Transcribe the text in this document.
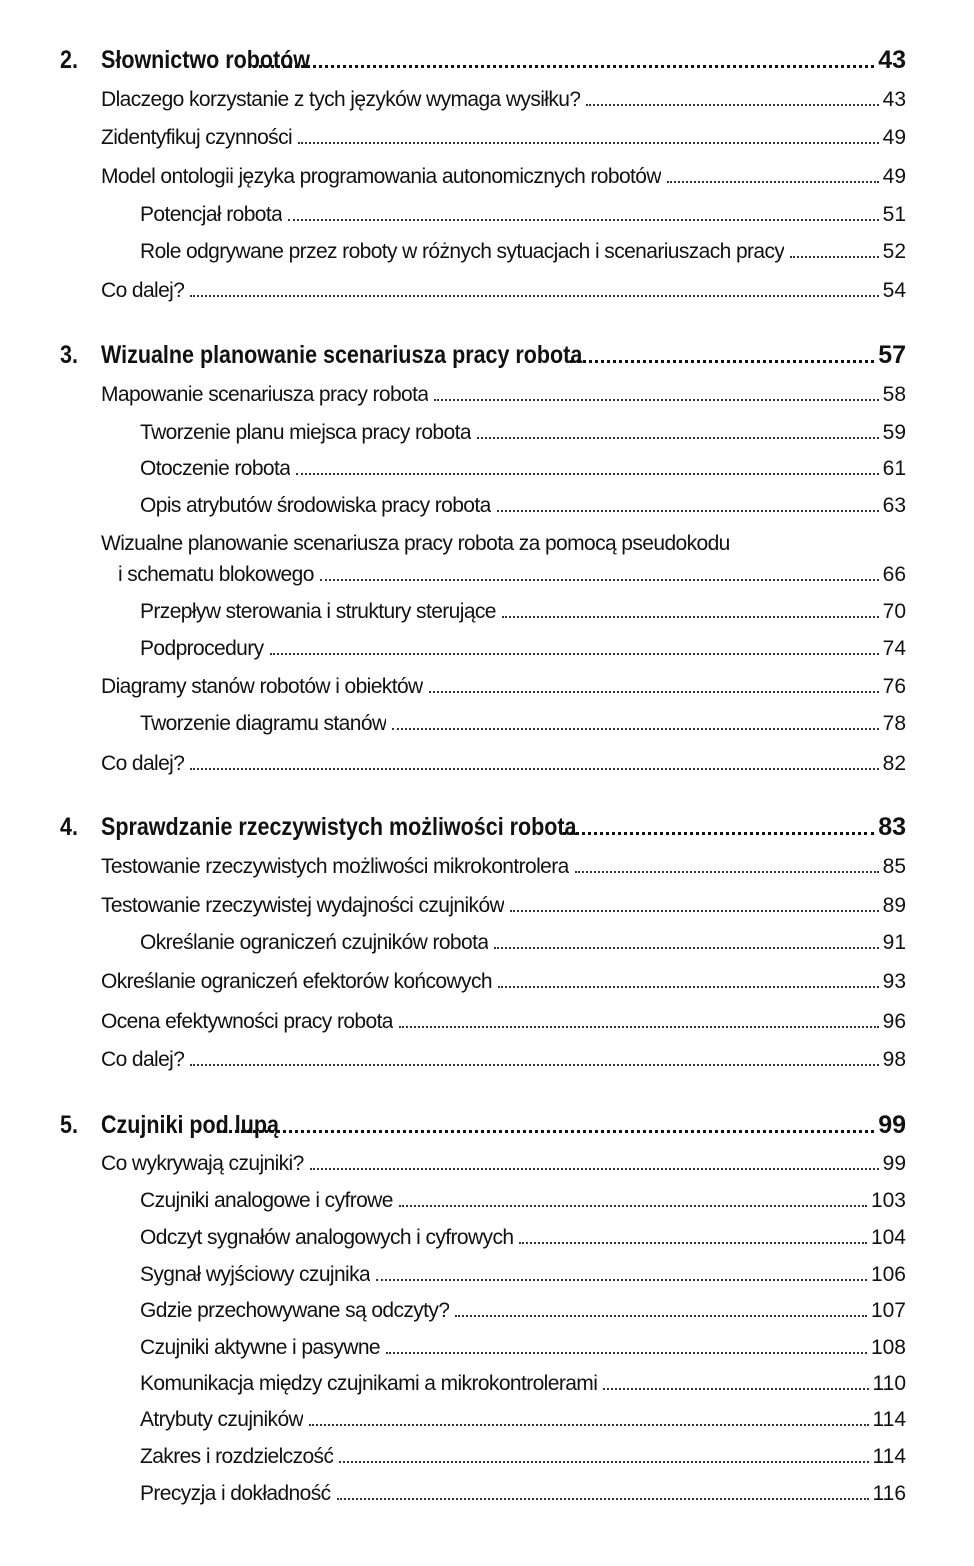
2. Słownictwo robotów	43
Dlaczego korzystanie z tych języków wymaga wysiłku?	43
Zidentyfikuj czynności	49
Model ontologii języka programowania autonomicznych robotów	49
Potencjał robota	51
Role odgrywane przez roboty w różnych sytuacjach i scenariuszach pracy	52
Co dalej?	54
3. Wizualne planowanie scenariusza pracy robota	57
Mapowanie scenariusza pracy robota	58
Tworzenie planu miejsca pracy robota	59
Otoczenie robota	61
Opis atrybutów środowiska pracy robota	63
Wizualne planowanie scenariusza pracy robota za pomocą pseudokodu
i schematu blokowego	66
Przepływ sterowania i struktury sterujące	70
Podprocedury	74
Diagramy stanów robotów i obiektów	76
Tworzenie diagramu stanów	78
Co dalej?	82
4. Sprawdzanie rzeczywistych możliwości robota	83
Testowanie rzeczywistych możliwości mikrokontrolera	85
Testowanie rzeczywistej wydajności czujników	89
Określanie ograniczeń czujników robota	91
Określanie ograniczeń efektorów końcowych	93
Ocena efektywności pracy robota	96
Co dalej?	98
5. Czujniki pod lupą	99
Co wykrywają czujniki?	99
Czujniki analogowe i cyfrowe	103
Odczyt sygnałów analogowych i cyfrowych	104
Sygnał wyjściowy czujnika	106
Gdzie przechowywane są odczyty?	107
Czujniki aktywne i pasywne	108
Komunikacja między czujnikami a mikrokontrolerami	110
Atrybuty czujników	114
Zakres i rozdzielczość	114
Precyzja i dokładność	116
